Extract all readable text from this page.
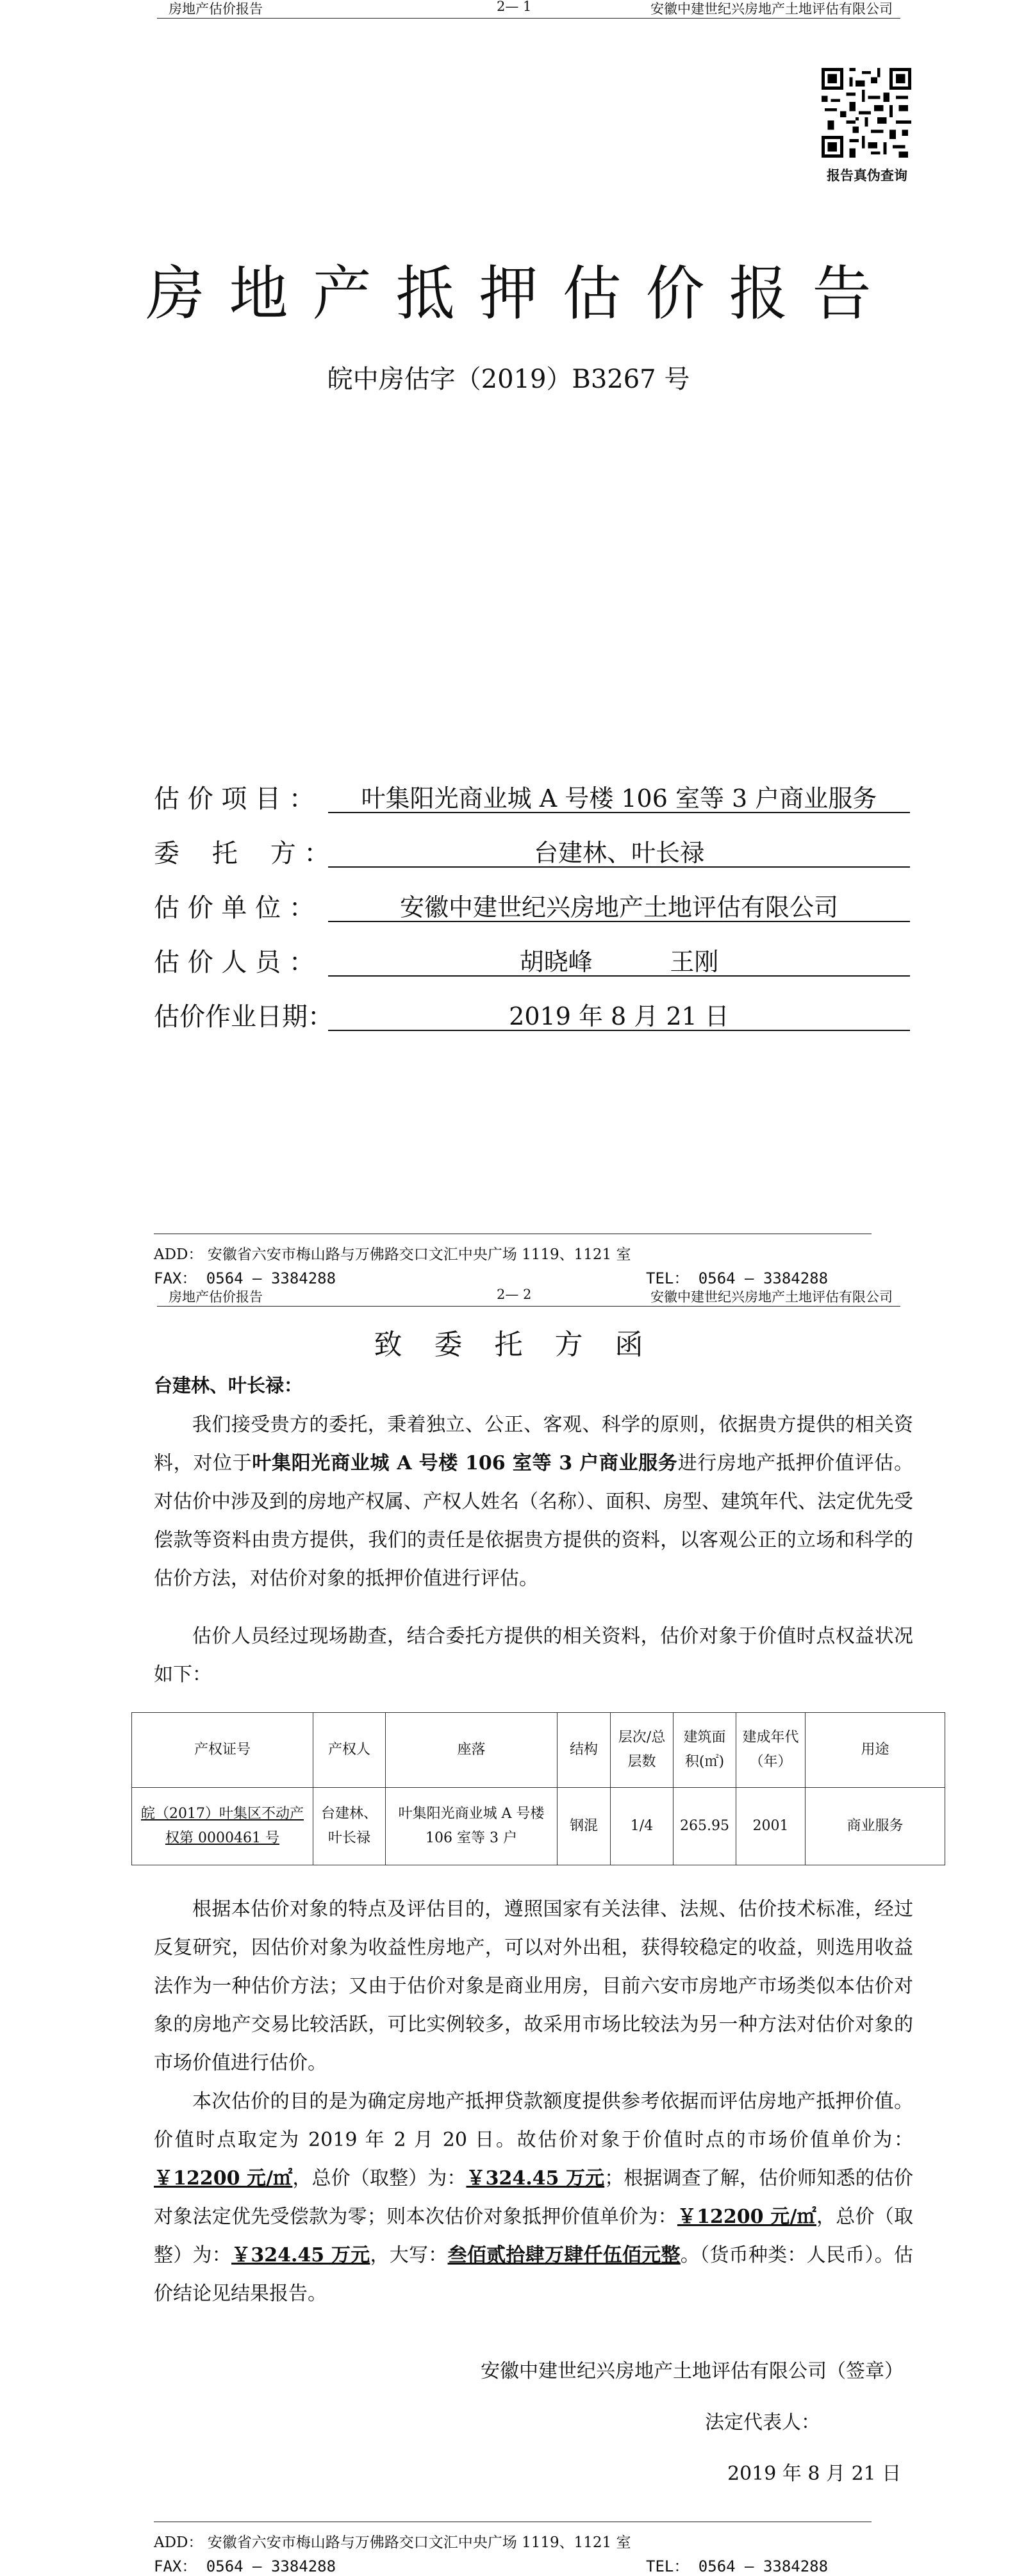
房地产估价报告	2— 1	安徽中建世纪兴房地产土地评估有限公司
报告真伪查询
房地产抵押估价报告
皖中房估字（2019）B3267 号
估 价 项 目 ：	叶集阳光商业城 A 号楼 106 室等 3 户商业服务
委    托    方 ：	台建林、叶长禄
估 价 单 位 ：	安徽中建世纪兴房地产土地评估有限公司
估 价 人 员 ：	胡晓峰          王刚
估价作业日期：	2019 年 8 月 21 日
ADD： 安徽省六安市梅山路与万佛路交口文汇中央广场 1119、1121 室
FAX： 0564 — 3384288	TEL： 0564 — 3384288
房地产估价报告	2— 2	安徽中建世纪兴房地产土地评估有限公司
致委托方函
台建林、叶长禄：
我们接受贵方的委托，秉着独立、公正、客观、科学的原则，依据贵方提供的相关资料，对位于叶集阳光商业城 A 号楼 106 室等 3 户商业服务进行房地产抵押价值评估。对估价中涉及到的房地产权属、产权人姓名（名称）、面积、房型、建筑年代、法定优先受偿款等资料由贵方提供，我们的责任是依据贵方提供的资料，以客观公正的立场和科学的估价方法，对估价对象的抵押价值进行评估。
估价人员经过现场勘查，结合委托方提供的相关资料，估价对象于价值时点权益状况如下：
产权证号	产权人	座落	结构	层次/总层数	建筑面积(㎡)	建成年代（年）	用途
皖（2017）叶集区不动产权第 0000461 号	台建林、叶长禄	叶集阳光商业城 A 号楼 106 室等 3 户	钢混	1/4	265.95	2001	商业服务
根据本估价对象的特点及评估目的，遵照国家有关法律、法规、估价技术标准，经过反复研究，因估价对象为收益性房地产，可以对外出租，获得较稳定的收益，则选用收益法作为一种估价方法；又由于估价对象是商业用房，目前六安市房地产市场类似本估价对象的房地产交易比较活跃，可比实例较多，故采用市场比较法为另一种方法对估价对象的市场价值进行估价。
本次估价的目的是为确定房地产抵押贷款额度提供参考依据而评估房地产抵押价值。价值时点取定为 2019 年 2 月 20 日。故估价对象于价值时点的市场价值单价为：￥12200 元/㎡，总价（取整）为：￥324.45 万元；根据调查了解，估价师知悉的估价对象法定优先受偿款为零；则本次估价对象抵押价值单价为：￥12200 元/㎡，总价（取整）为：￥324.45 万元，大写：叁佰贰拾肆万肆仟伍佰元整。（货币种类：人民币）。估价结论见结果报告。
安徽中建世纪兴房地产土地评估有限公司（签章）
法定代表人：
2019 年 8 月 21 日
ADD： 安徽省六安市梅山路与万佛路交口文汇中央广场 1119、1121 室
FAX： 0564 — 3384288	TEL： 0564 — 3384288
